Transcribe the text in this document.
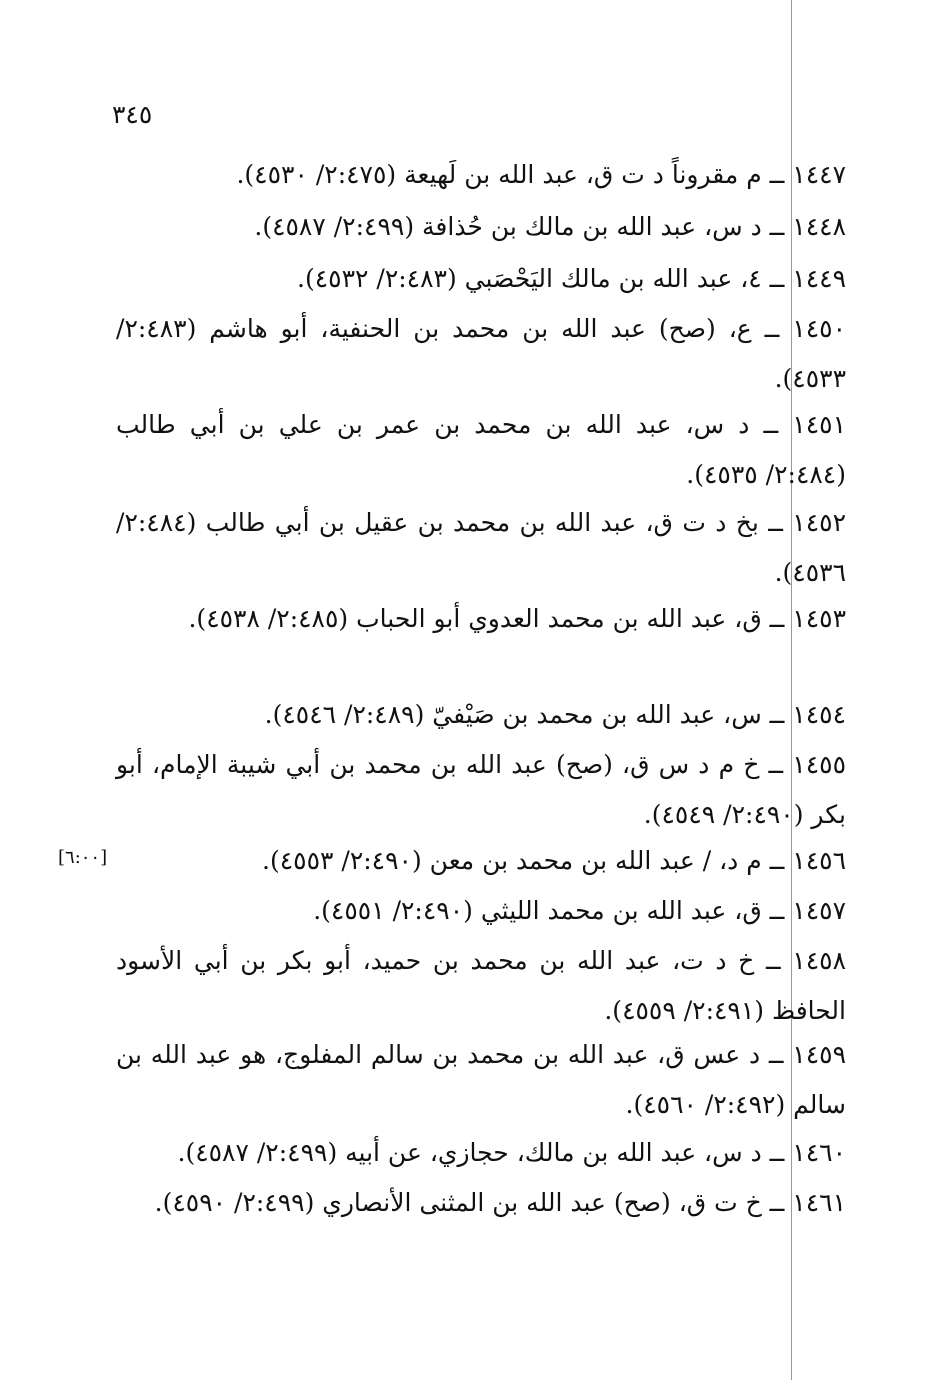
٣٤٥
١٤٤٧ ــ م مقروناً د ت ق، عبد الله بن لَهيعة (٢:٤٧٥/ ٤٥٣٠).
١٤٤٨ ــ د س، عبد الله بن مالك بن حُذافة (٢:٤٩٩/ ٤٥٨٧).
١٤٤٩ ــ ٤، عبد الله بن مالك اليَحْصَبي (٢:٤٨٣/ ٤٥٣٢).
١٤٥٠ ــ ع، (صح) عبد الله بن محمد بن الحنفية، أبو هاشم (٢:٤٨٣/ ٤٥٣٣).
١٤٥١ ــ د س، عبد الله بن محمد بن عمر بن علي بن أبي طالب (٢:٤٨٤/ ٤٥٣٥).
١٤٥٢ ــ بخ د ت ق، عبد الله بن محمد بن عقيل بن أبي طالب (٢:٤٨٤/ ٤٥٣٦).
١٤٥٣ ــ ق، عبد الله بن محمد العدوي أبو الحباب (٢:٤٨٥/ ٤٥٣٨).
١٤٥٤ ــ س، عبد الله بن محمد بن صَيْفيّ (٢:٤٨٩/ ٤٥٤٦).
١٤٥٥ ــ خ م د س ق، (صح) عبد الله بن محمد بن أبي شيبة الإمام، أبو بكر (٢:٤٩٠/ ٤٥٤٩).
١٤٥٦ ــ م د، / عبد الله بن محمد بن معن (٢:٤٩٠/ ٤٥٥٣).
١٤٥٧ ــ ق، عبد الله بن محمد الليثي (٢:٤٩٠/ ٤٥٥١).
١٤٥٨ ــ خ د ت، عبد الله بن محمد بن حميد، أبو بكر بن أبي الأسود الحافظ (٢:٤٩١/ ٤٥٥٩).
١٤٥٩ ــ د عس ق، عبد الله بن محمد بن سالم المفلوج، هو عبد الله بن سالم (٢:٤٩٢/ ٤٥٦٠).
١٤٦٠ ــ د س، عبد الله بن مالك، حجازي، عن أبيه (٢:٤٩٩/ ٤٥٨٧).
١٤٦١ ــ خ ت ق، (صح) عبد الله بن المثنى الأنصاري (٢:٤٩٩/ ٤٥٩٠).
[٦:٠٠]
